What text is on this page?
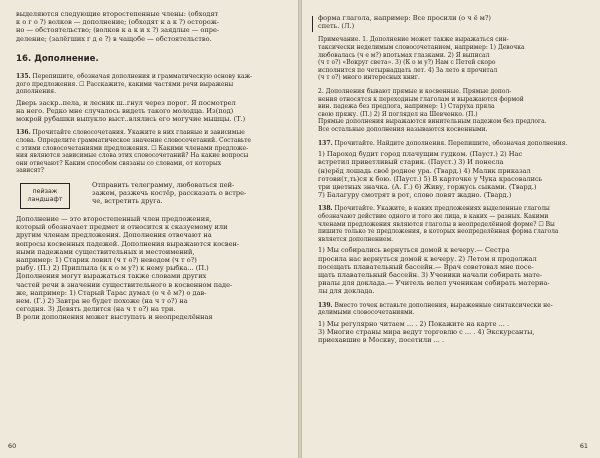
выделяются следующие второстепенные члены: (обходят

к о г о ?) волков — дополнение; (обходят к а к ?) осторож-

но — обстоятельство; (волков к а к и х ?) заядлые — опре-

деление; (залёгших г д е ?) в чащобе — обстоятельство.

16. Дополнение.

135. Перепишите, обозначая дополнения и грамматическую основу каж-

дого предложения. ☐ Расскажите, какими частями речи выражены

дополнения.

Дверь заскр..пела, и лесник ш..гнул через порог. Я посмотрел

на него. Редко мне случалось видеть такого молодца. Из(под)

мокрой рубашки выпукло выст..влялись его могучие мышцы. (Т.)

136. Прочитайте словосочетания. Укажите в них главные и зависимые

слова. Определите грамматическое значение словосочетаний. Составьте

с этими словосочетаниями предложения. ☐ Какими членами предложе-

ния являются зависимые слова этих словосочетаний? На какие вопросы

они отвечают? Каким способом связаны со словами, от которых

зависят?

пейзаж
ландшафт

Отправить телеграмму, любоваться пей-

зажем, разжечь костёр, рассказать о встре-

че, встретить друга.

Дополнение — это второстепенный член предложения,

который обозначает предмет и относится к сказуемому или

другим членам предложения. Дополнения отвечают на

вопросы косвенных падежей. Дополнения выражаются косвен-

ными падежами существительных и местоимений,

например: 1) Старик ловил (ч т о?) неводом (ч т о?)

рыбу. (П.) 2) Приплыла (к к о м у?) к нему рыбка... (П.)

Дополнения могут выражаться также словами других

частей речи в значении существительного в косвенном паде-

же, например: 1) Старый Тарас думал (о ч ё м?) о дав-

нем. (Г.) 2) Завтра не будет похоже (на ч т о?) на

сегодня. 3) Девять делится (на ч т о?) на три.

В роли дополнения может выступать и неопределённая

60

форма глагола, например: Все просили (о ч ё м?)

спеть. (Л.)

Примечание. 1. Дополнение может также выражаться син-

таксически неделимым словосочетанием, например: 1) Девочка

любовалась (ч е м?) впотьмах глазками. 2) Я выписал

(ч т о?) «Вокруг света». 3) (К о м у?) Нам с Петей скоро

исполнится по четырнадцать лет. 4) За лето я прочитал

(ч т о?) много интересных книг.

2. Дополнения бывают прямые и косвенные. Прямые допол-

нения относятся к переходным глаголам и выражаются формой

вин. падежа без предлога, например: 1) Старуха пряла

свою пряжу. (П.) 2) Я поглядел на Шевченко. (П.)

Прямые дополнения выражаются винительным падежом без предлога.

Все остальные дополнения называются косвенными.

137. Прочитайте. Найдите дополнения. Перепишите, обозначая дополнения.

1) Пароход будит город плачущим гудком. (Пауст.) 2) Нас

встретил приветливый старик. (Пауст.) 3) И понесла

(н)ерёд лошадь своё родное ура. (Твард.) 4) Малик приказал

готови(т,ть)ся к бою. (Пауст.) 5) В карточке у Чука красовались

три цветных значка. (А. Г.) 6) Живу, горжусь сыками. (Твард.)

7) Балагуру смотрят в рот, слово ловят жадно. (Твард.)

138. Прочитайте. Укажите, в каких предложениях выделенные глаголы

обозначают действие одного и того же лица, в каких — разных. Какими

членами предложения являются глаголы в неопределённой форме? ☐ Вы

пишите только те предложения, в которых неопределённая форма глагола

является дополнением.

1) Мы собирались вернуться домой к вечеру.— Сестра

просила нас вернуться домой к вечеру. 2) Летом я продолжал

посещать плавательный бассейн.— Врач советовал мне посе-

щать плавательный бассейн. 3) Ученики начали собирать мате-

риалы для доклада.— Учитель велел ученикам собирать материа-

лы для доклада.

139. Вместо точек вставьте дополнения, выраженные синтаксически не-

делимыми словосочетаниями.

1) Мы регулярно читаем ... . 2) Покажите на карте ... .

3) Многие страны мира ведут торговлю с ... . 4) Экскурсанты,

приехавшие в Москву, посетили ... .

61
